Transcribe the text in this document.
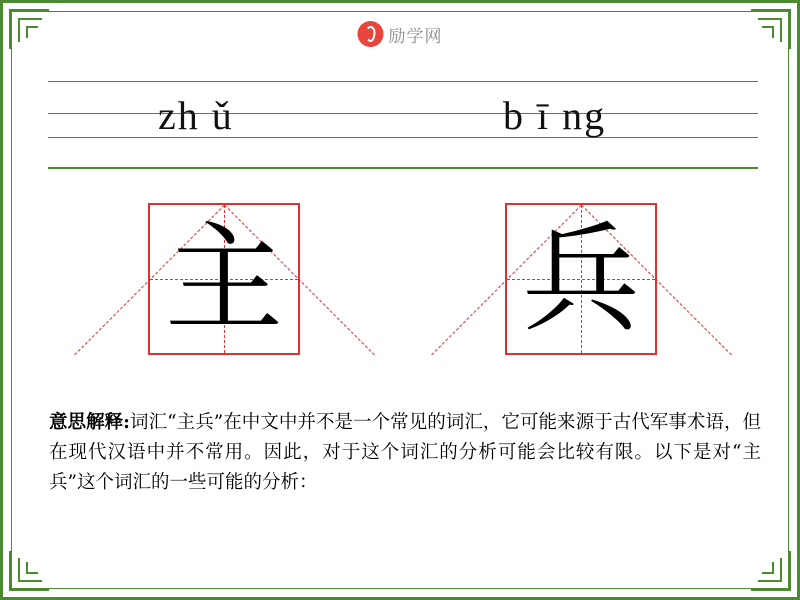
励学网
zh ǔ	b ī ng
主 兵
意思解释:词汇“主兵”在中文中并不是一个常见的词汇，它可能来源于古代军事术语，但在现代汉语中并不常用。因此，对于这个词汇的分析可能会比较有限。以下是对“主兵”这个词汇的一些可能的分析：
